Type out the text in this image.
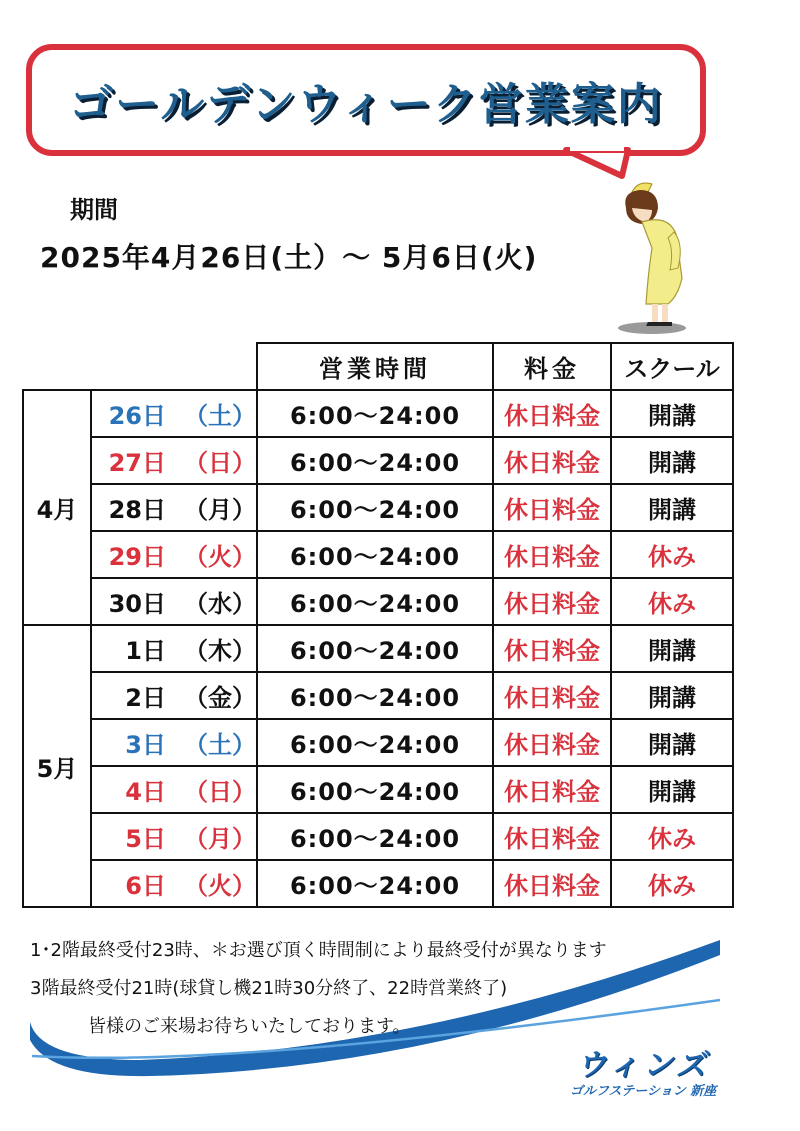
ゴールデンウィーク営業案内
期間
2025年4月26日(土）～ 5月6日(火)
		営業時間	料金	スクール
4月	26日 （土）	6:00～24:00	休日料金	開講
	27日 （日）	6:00～24:00	休日料金	開講
	28日 （月）	6:00～24:00	休日料金	開講
	29日 （火）	6:00～24:00	休日料金	休み
	30日 （水）	6:00～24:00	休日料金	休み
5月	1日 （木）	6:00～24:00	休日料金	開講
	2日 （金）	6:00～24:00	休日料金	開講
	3日 （土）	6:00～24:00	休日料金	開講
	4日 （日）	6:00～24:00	休日料金	開講
	5日 （月）	6:00～24:00	休日料金	休み
	6日 （火）	6:00～24:00	休日料金	休み
1･2階最終受付23時、＊お選び頂く時間制により最終受付が異なります
3階最終受付21時(球貸し機21時30分終了、22時営業終了)
皆様のご来場お待ちいたしております。
ウィンズ
ゴルフステーション 新座
